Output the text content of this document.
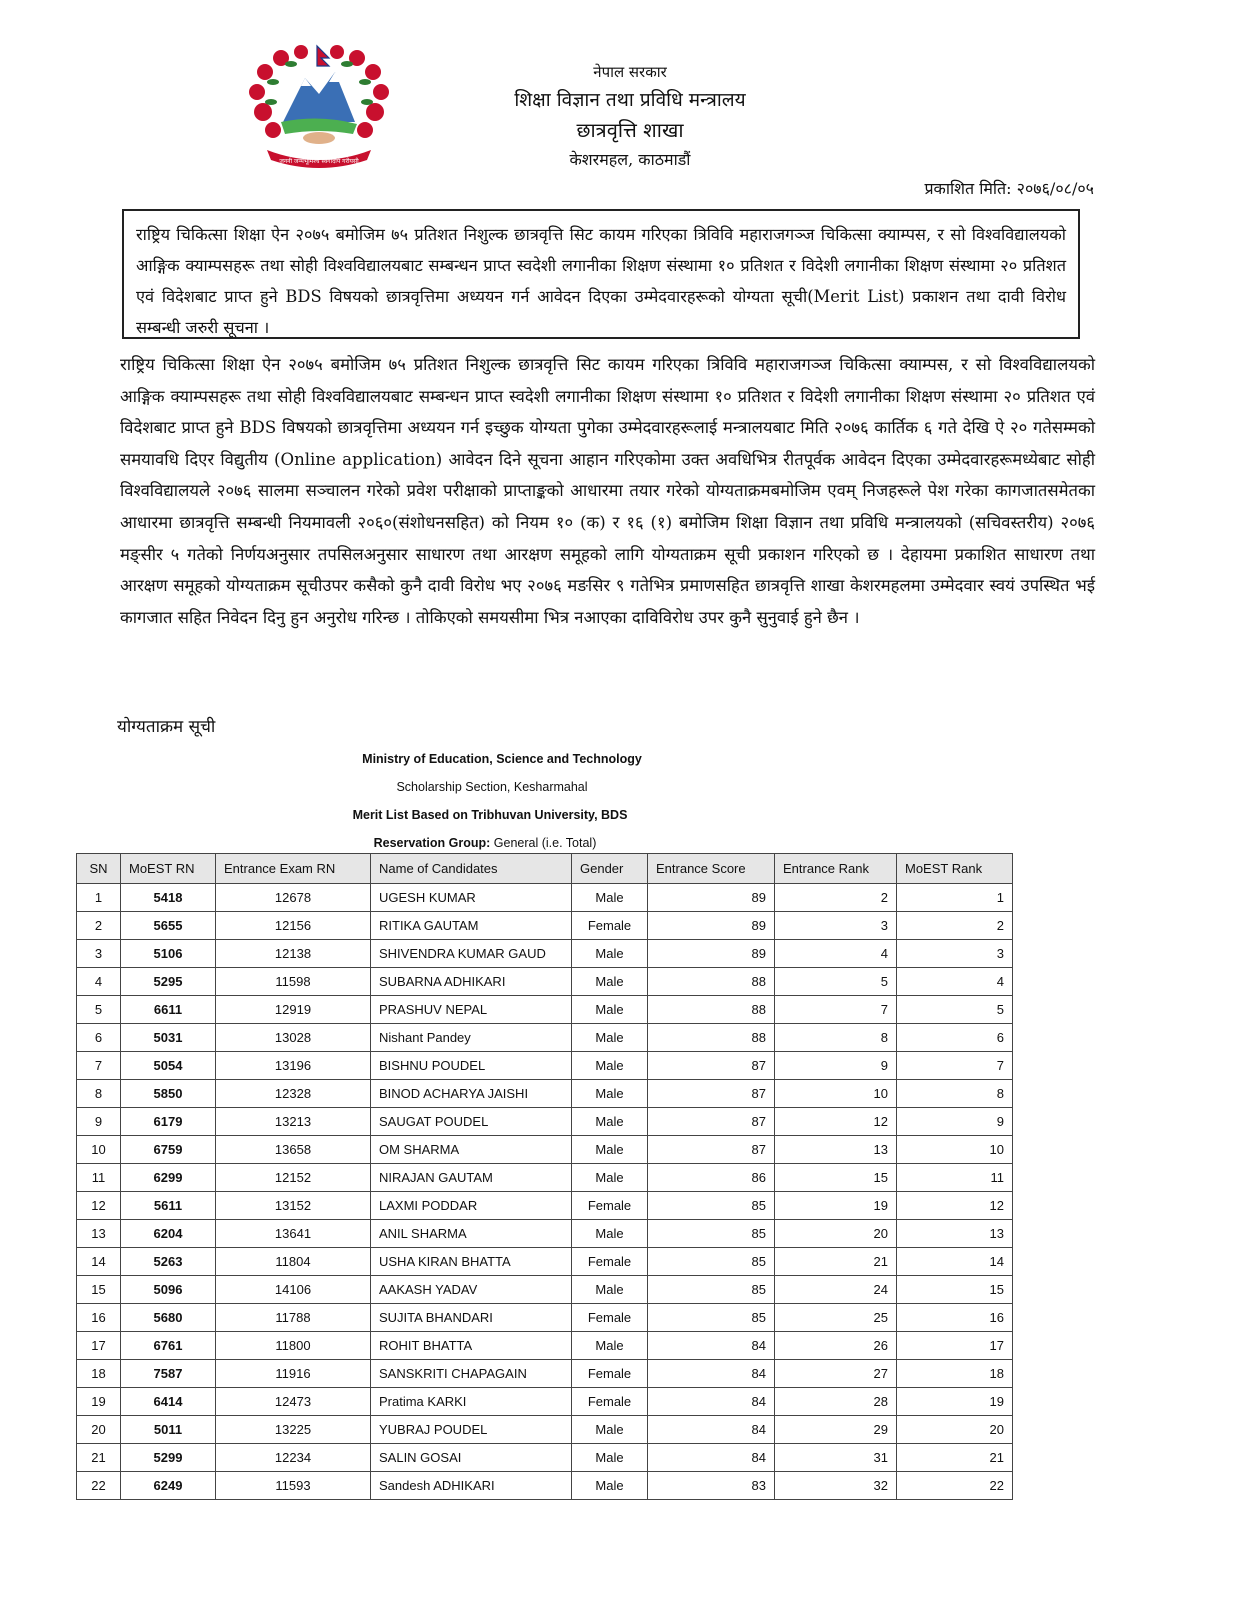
जननी जन्मभूमिश्च स्वर्गादपि गरीयसी
नेपाल सरकार
शिक्षा विज्ञान तथा प्रविधि मन्त्रालय
छात्रवृत्ति शाखा
केशरमहल, काठमाडौं
प्रकाशित मिति: २०७६/०८/०५

राष्ट्रिय चिकित्सा शिक्षा ऐन २०७५ बमोजिम ७५ प्रतिशत निशुल्क छात्रवृत्ति सिट कायम गरिएका त्रिविवि महाराजगञ्ज चिकित्सा क्याम्पस, र सो विश्वविद्यालयको आङ्गिक क्याम्पसहरू तथा सोही विश्वविद्यालयबाट सम्बन्धन प्राप्त स्वदेशी लगानीका शिक्षण संस्थामा १० प्रतिशत र विदेशी लगानीका शिक्षण संस्थामा २० प्रतिशत एवं विदेशबाट प्राप्त हुने BDS विषयको छात्रवृत्तिमा अध्ययन गर्न आवेदन दिएका उम्मेदवारहरूको योग्यता सूची(Merit List) प्रकाशन तथा दावी विरोध सम्बन्धी जरुरी सूचना ।

राष्ट्रिय चिकित्सा शिक्षा ऐन २०७५ बमोजिम ७५ प्रतिशत निशुल्क छात्रवृत्ति सिट कायम गरिएका त्रिविवि महाराजगञ्ज चिकित्सा क्याम्पस, र सो विश्वविद्यालयको आङ्गिक क्याम्पसहरू तथा सोही विश्वविद्यालयबाट सम्बन्धन प्राप्त स्वदेशी लगानीका शिक्षण संस्थामा १० प्रतिशत र विदेशी लगानीका शिक्षण संस्थामा २० प्रतिशत एवं विदेशबाट प्राप्त हुने BDS विषयको छात्रवृत्तिमा अध्ययन गर्न इच्छुक योग्यता पुगेका उम्मेदवारहरूलाई मन्त्रालयबाट मिति २०७६ कार्तिक ६ गते देखि ऐ २० गतेसम्मको समयावधि दिएर विद्युतीय (Online application) आवेदन दिने सूचना आहान गरिएकोमा उक्त अवधिभित्र रीतपूर्वक आवेदन दिएका उम्मेदवारहरूमध्येबाट सोही विश्वविद्यालयले २०७६ सालमा सञ्चालन गरेको प्रवेश परीक्षाको प्राप्ताङ्कको आधारमा तयार गरेको योग्यताक्रमबमोजिम एवम् निजहरूले पेश गरेका कागजातसमेतका आधारमा छात्रवृत्ति सम्बन्धी नियमावली २०६०(संशोधनसहित) को नियम १० (क) र १६ (१) बमोजिम शिक्षा विज्ञान तथा प्रविधि मन्त्रालयको (सचिवस्तरीय) २०७६ मङ्सीर ५ गतेको निर्णयअनुसार तपसिलअनुसार साधारण तथा आरक्षण समूहको लागि योग्यताक्रम सूची प्रकाशन गरिएको छ । देहायमा प्रकाशित साधारण तथा आरक्षण समूहको योग्यताक्रम सूचीउपर कसैको कुनै दावी विरोध भए २०७६ मङसिर ९ गतेभित्र प्रमाणसहित छात्रवृत्ति शाखा केशरमहलमा उम्मेदवार स्वयं उपस्थित भई कागजात सहित निवेदन दिनु हुन अनुरोध गरिन्छ । तोकिएको समयसीमा भित्र नआएका दाविविरोध उपर कुनै सुनुवाई हुने छैन ।

योग्यताक्रम सूची
Ministry of Education, Science and Technology
Scholarship Section, Kesharmahal
Merit List Based on Tribhuvan University, BDS
Reservation Group: General (i.e. Total)
SN	MoEST RN	Entrance Exam RN	Name of Candidates	Gender	Entrance Score	Entrance Rank	MoEST Rank
1	5418	12678	UGESH KUMAR	Male	89	2	1
2	5655	12156	RITIKA GAUTAM	Female	89	3	2
3	5106	12138	SHIVENDRA KUMAR GAUD	Male	89	4	3
4	5295	11598	SUBARNA ADHIKARI	Male	88	5	4
5	6611	12919	PRASHUV NEPAL	Male	88	7	5
6	5031	13028	Nishant Pandey	Male	88	8	6
7	5054	13196	BISHNU POUDEL	Male	87	9	7
8	5850	12328	BINOD ACHARYA JAISHI	Male	87	10	8
9	6179	13213	SAUGAT POUDEL	Male	87	12	9
10	6759	13658	OM SHARMA	Male	87	13	10
11	6299	12152	NIRAJAN GAUTAM	Male	86	15	11
12	5611	13152	LAXMI PODDAR	Female	85	19	12
13	6204	13641	ANIL SHARMA	Male	85	20	13
14	5263	11804	USHA KIRAN BHATTA	Female	85	21	14
15	5096	14106	AAKASH YADAV	Male	85	24	15
16	5680	11788	SUJITA BHANDARI	Female	85	25	16
17	6761	11800	ROHIT BHATTA	Male	84	26	17
18	7587	11916	SANSKRITI CHAPAGAIN	Female	84	27	18
19	6414	12473	Pratima KARKI	Female	84	28	19
20	5011	13225	YUBRAJ POUDEL	Male	84	29	20
21	5299	12234	SALIN GOSAI	Male	84	31	21
22	6249	11593	Sandesh ADHIKARI	Male	83	32	22
